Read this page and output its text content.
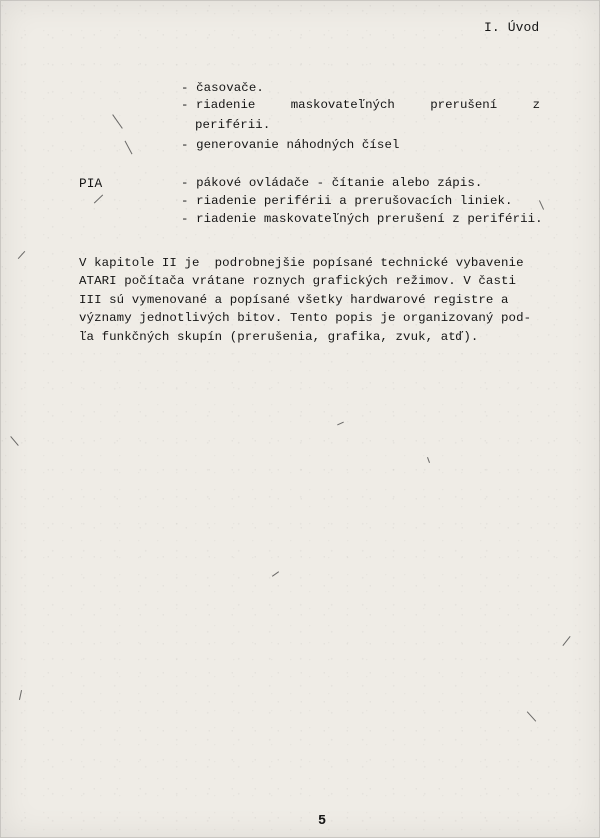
I. Úvod
- časovače.
- riadenie	maskovateľných	prerušení	z
periférii.
- generovanie náhodných čísel
PIA	- pákové ovládače - čítanie alebo zápis.
- riadenie periférii a prerušovacích liniek.
- riadenie maskovateľných prerušení z periférii.
V kapitole II je  podrobnejšie popísané technické vybavenie
ATARI počítača vrátane roznych grafických režimov. V časti
III sú vymenované a popísané všetky hardwarové registre a
významy jednotlivých bitov. Tento popis je organizovaný pod-
ľa funkčných skupín (prerušenia, grafika, zvuk, atď).
5
